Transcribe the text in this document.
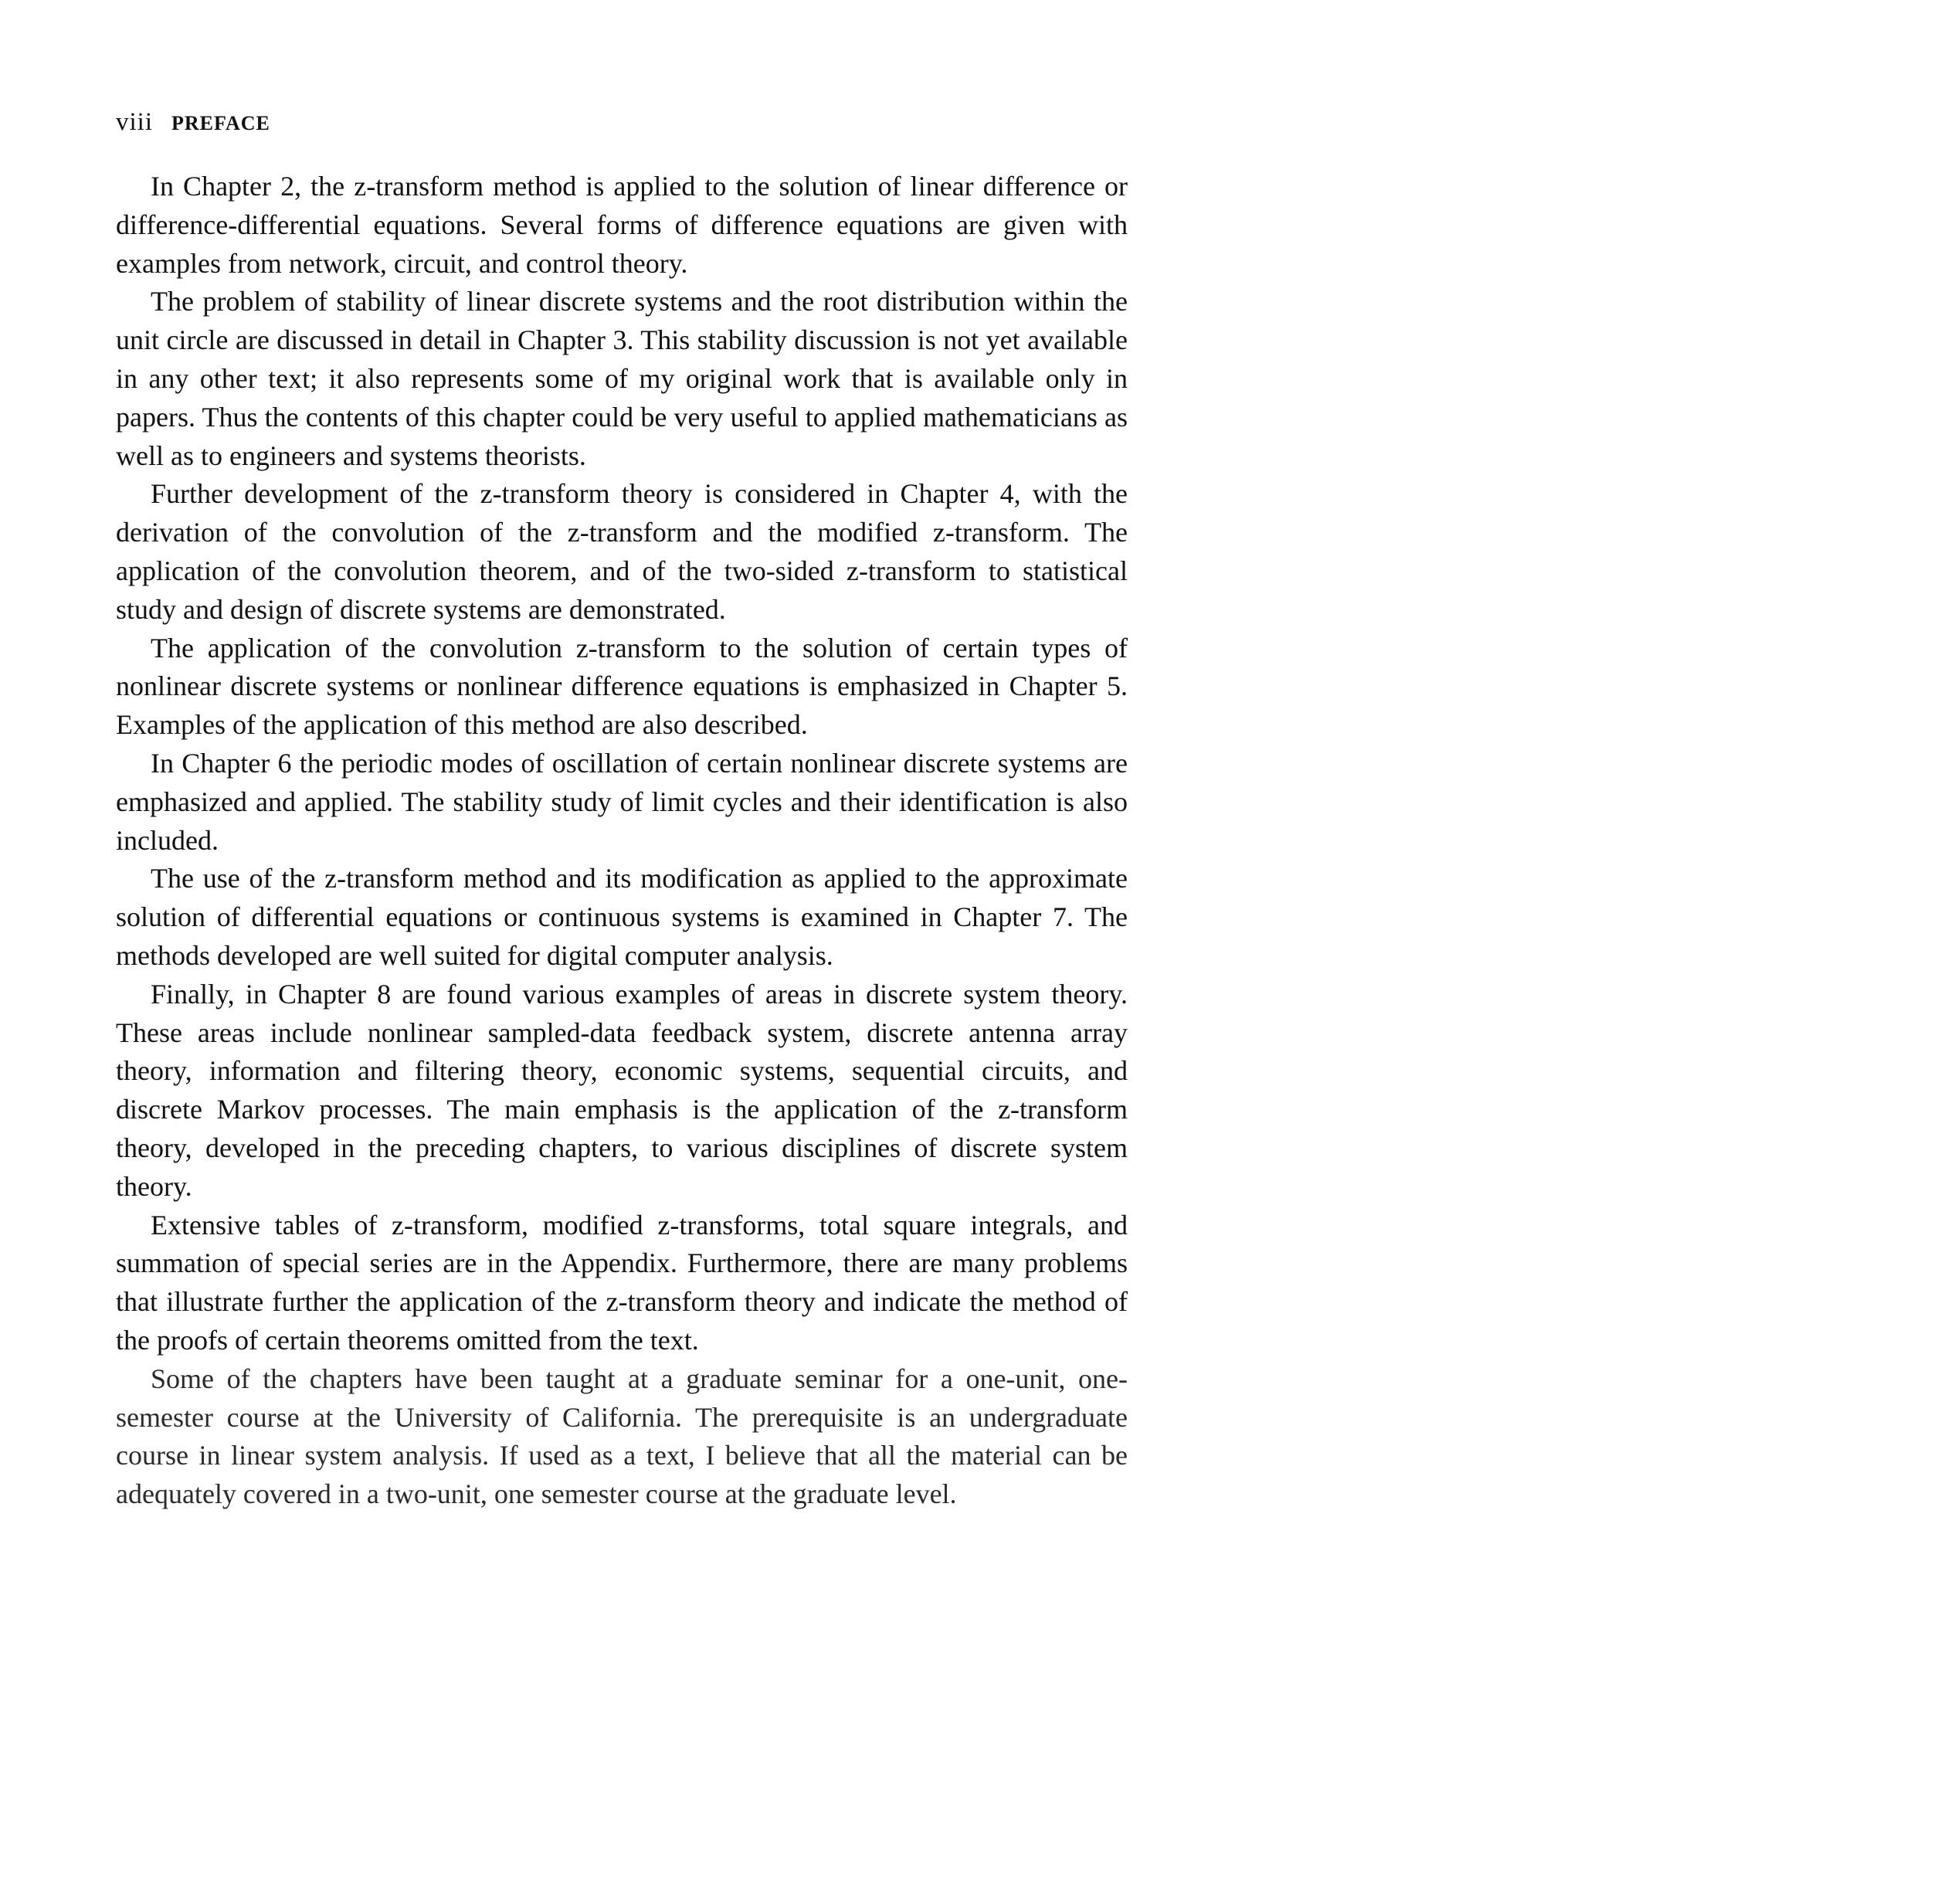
viii PREFACE

In Chapter 2, the z-transform method is applied to the solution of linear difference or difference-differential equations. Several forms of difference equations are given with examples from network, circuit, and control theory.

The problem of stability of linear discrete systems and the root distribution within the unit circle are discussed in detail in Chapter 3. This stability discussion is not yet available in any other text; it also represents some of my original work that is available only in papers. Thus the contents of this chapter could be very useful to applied mathematicians as well as to engineers and systems theorists.

Further development of the z-transform theory is considered in Chapter 4, with the derivation of the convolution of the z-transform and the modified z-transform. The application of the convolution theorem, and of the two-sided z-transform to statistical study and design of discrete systems are demonstrated.

The application of the convolution z-transform to the solution of certain types of nonlinear discrete systems or nonlinear difference equations is emphasized in Chapter 5. Examples of the application of this method are also described.

In Chapter 6 the periodic modes of oscillation of certain nonlinear discrete systems are emphasized and applied. The stability study of limit cycles and their identification is also included.

The use of the z-transform method and its modification as applied to the approximate solution of differential equations or continuous systems is examined in Chapter 7. The methods developed are well suited for digital computer analysis.

Finally, in Chapter 8 are found various examples of areas in discrete system theory. These areas include nonlinear sampled-data feedback system, discrete antenna array theory, information and filtering theory, economic systems, sequential circuits, and discrete Markov processes. The main emphasis is the application of the z-transform theory, developed in the preceding chapters, to various disciplines of discrete system theory.

Extensive tables of z-transform, modified z-transforms, total square integrals, and summation of special series are in the Appendix. Furthermore, there are many problems that illustrate further the application of the z-transform theory and indicate the method of the proofs of certain theorems omitted from the text.

Some of the chapters have been taught at a graduate seminar for a one-unit, one-semester course at the University of California. The prerequisite is an undergraduate course in linear system analysis. If used as a text, I believe that all the material can be adequately covered in a two-unit, one semester course at the graduate level.
